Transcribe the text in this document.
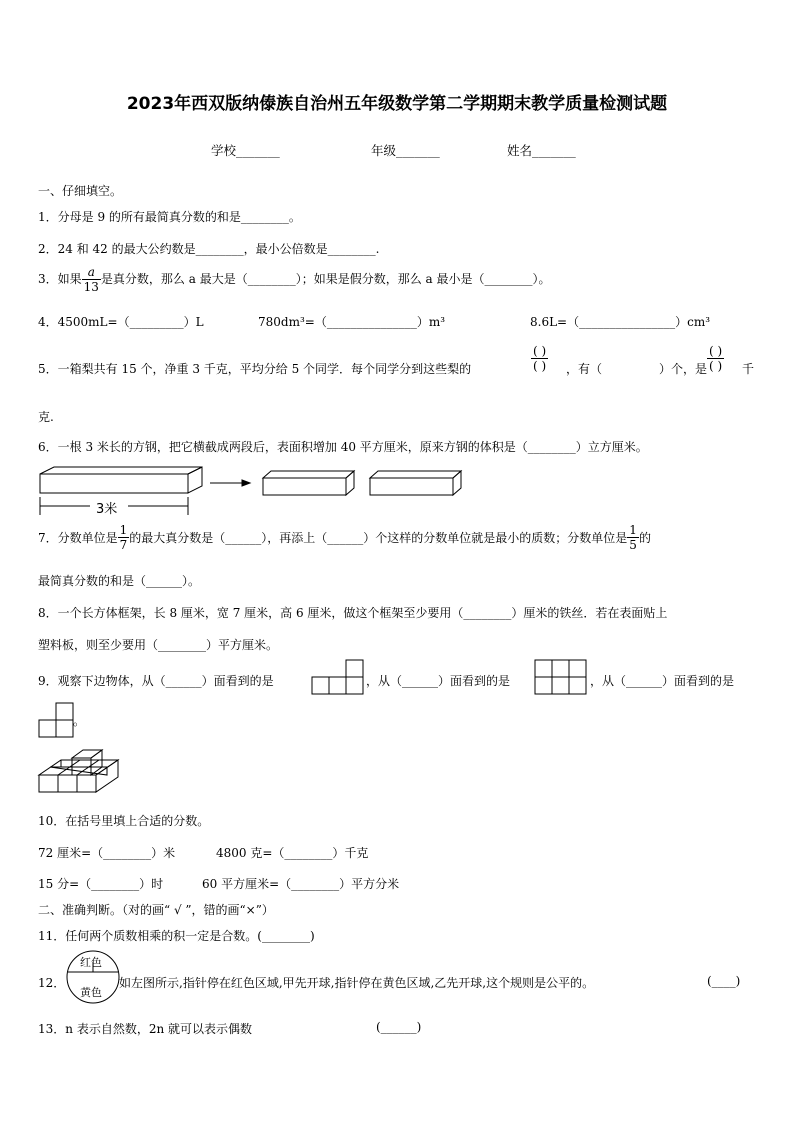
2023年西双版纳傣族自治州五年级数学第二学期期末教学质量检测试题
学校_______	年级_______	姓名_______
一、仔细填空。
1．分母是 9 的所有最简真分数的和是________。
2．24 和 42 的最大公约数是________，最小公倍数是________.
3．如果 $\frac{a}{13}$ 是真分数，那么 a 最大是（________）；如果是假分数，那么 a 最小是（________）。
4．4500mL=（_________）L	780dm³=（_______________）m³	8.6L=（________________）cm³
5．一箱梨共有 15 个，净重 3 千克，平均分给 5 个同学．每个同学分到这些梨的	$\frac{( )}{( )}$ ，有（	）个，是 $\frac{( )}{( )}$ 千
克.
6．一根 3 米长的方钢，把它横截成两段后，表面积增加 40 平方厘米，原来方钢的体积是（________）立方厘米。
3米
7．分数单位是 $\frac{1}{7}$ 的最大真分数是（______），再添上（______）个这样的分数单位就是最小的质数；分数单位是 $\frac{1}{5}$ 的
最简真分数的和是（______）。
8．一个长方体框架，长 8 厘米，宽 7 厘米，高 6 厘米，做这个框架至少要用（________）厘米的铁丝．若在表面贴上
塑料板，则至少要用（________）平方厘米。
9．观察下边物体，从（______）面看到的是	，从（______）面看到的是	，从（______）面看到的是
。
10．在括号里填上合适的分数。
72 厘米=（________）米	4800 克=（________）千克
15 分=（________）时	60 平方厘米=（________）平方分米
二、准确判断。（对的画“ √ ”，错的画“×”）
11．任何两个质数相乘的积一定是合数。(________)
12．
红色
黄色
如左图所示,指针停在红色区域,甲先开球,指针停在黄色区域,乙先开球,这个规则是公平的。	(____)
13．n 表示自然数，2n 就可以表示偶数	(______)
